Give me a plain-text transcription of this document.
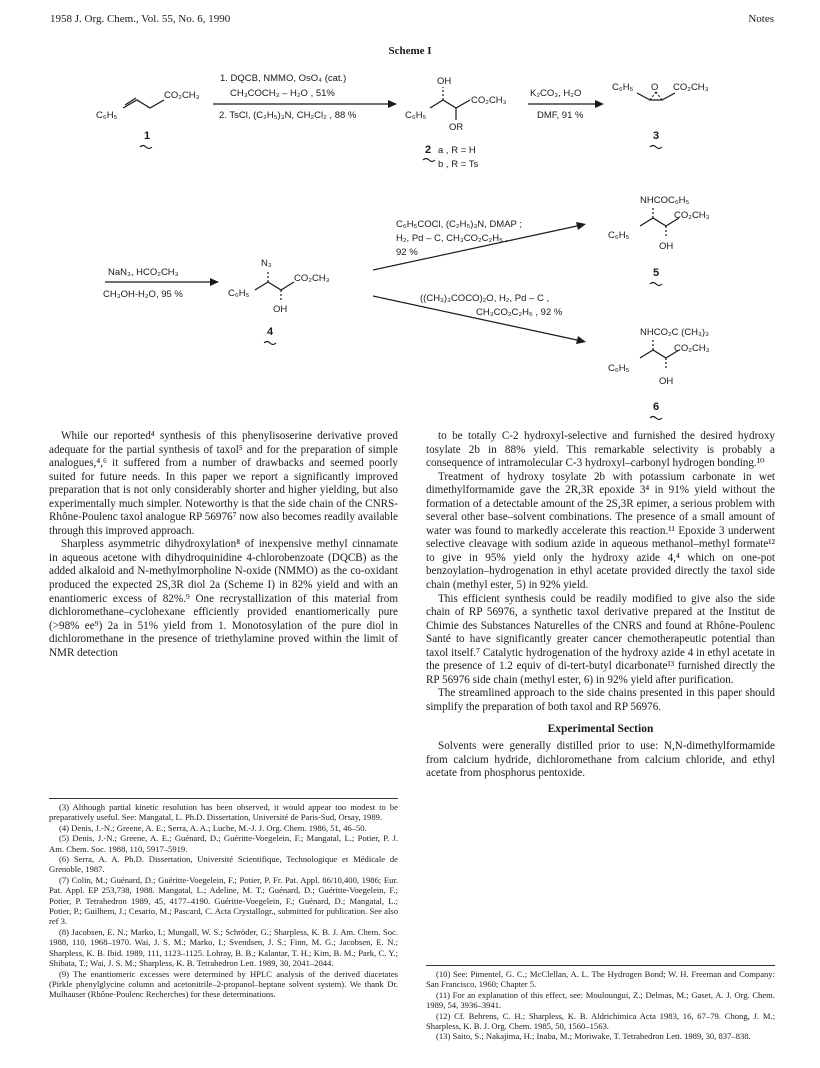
1958 J. Org. Chem., Vol. 55, No. 6, 1990	Notes
Scheme I
1. DQCB, NMMO, OsO₄ (cat.)
CH₃COCH₃ – H₂O , 51%
2. TsCl, (C₂H₅)₃N, CH₂Cl₂ , 88 %
K₂CO₃, H₂O
DMF, 91 %
NaN₃, HCO₂CH₃
CH₃OH-H₂O, 95 %
C₆H₅COCl, (C₂H₅)₃N, DMAP ;
H₂, Pd – C, CH₃CO₂C₂H₅ ,
92 %
((CH₃)₃COCO)₂O, H₂, Pd – C ,
CH₃CO₂C₂H₅ , 92 %
CO₂CH₃
C₆H₅
1
OH
CO₂CH₃
C₆H₅
OR
2 a , R = H
b , R = Ts
C₆H₅ O CO₂CH₃
3
N₃
CO₂CH₃
C₆H₅
OH
4
NHCOC₆H₅
CO₂CH₃
C₆H₅
OH
5
NHCO₂C (CH₃)₃
CO₂CH₃
C₆H₅
OH
6

While our reported⁴ synthesis of this phenylisoserine derivative proved adequate for the partial synthesis of taxol⁵ and for the preparation of simple analogues,⁴,⁶ it suffered from a number of drawbacks and seemed poorly suited for future needs. In this paper we report a significantly improved preparation that is not only considerably shorter and higher yielding, but also experimentally much simpler. Noteworthy is that the side chain of the CNRS-Rhône-Poulenc taxol analogue RP 56976⁷ now also becomes readily available through this improved approach.

Sharpless asymmetric dihydroxylation⁸ of inexpensive methyl cinnamate in aqueous acetone with dihydroquinidine 4-chlorobenzoate (DQCB) as the added alkaloid and N-methylmorpholine N-oxide (NMMO) as the co-oxidant produced the expected 2S,3R diol 2a (Scheme I) in 82% yield and with an enantiomeric excess of 82%.⁹ One recrystallization of this material from dichloromethane–cyclohexane efficiently provided enantiomerically pure (>98% ee⁹) 2a in 51% yield from 1. Monotosylation of the pure diol in dichloromethane in the presence of triethylamine proved within the limit of NMR detection

to be totally C-2 hydroxyl-selective and furnished the desired hydroxy tosylate 2b in 88% yield. This remarkable selectivity is probably a consequence of intramolecular C-3 hydroxyl–carbonyl hydrogen bonding.¹⁰

Treatment of hydroxy tosylate 2b with potassium carbonate in wet dimethylformamide gave the 2R,3R epoxide 3⁴ in 91% yield without the formation of a detectable amount of the 2S,3R epimer, a serious problem with several other base–solvent combinations. The presence of a small amount of water was found to markedly accelerate this reaction.¹¹ Epoxide 3 underwent selective cleavage with sodium azide in aqueous methanol–methyl formate¹² to give in 95% yield only the hydroxy azide 4,⁴ which on one-pot benzoylation–hydrogenation in ethyl acetate provided directly the taxol side chain (methyl ester, 5) in 92% yield.

This efficient synthesis could be readily modified to give also the side chain of RP 56976, a synthetic taxol derivative prepared at the Institut de Chimie des Substances Naturelles of the CNRS and found at Rhône-Poulenc Santé to have significantly greater cancer chemotherapeutic potential than taxol itself.⁷ Catalytic hydrogenation of the hydroxy azide 4 in ethyl acetate in the presence of 1.2 equiv of di-tert-butyl dicarbonate¹³ furnished directly the RP 56976 side chain (methyl ester, 6) in 92% yield after purification.

The streamlined approach to the side chains presented in this paper should simplify the preparation of both taxol and RP 56976.

Experimental Section

Solvents were generally distilled prior to use: N,N-dimethylformamide from calcium hydride, dichloromethane from calcium chloride, and ethyl acetate from phosphorus pentoxide.

(3) Although partial kinetic resolution has been observed, it would appear too modest to be preparatively useful. See: Mangatal, L. Ph.D. Dissertation, Université de Paris-Sud, Orsay, 1989.

(4) Denis, J.-N.; Greene, A. E.; Serra, A. A.; Luche, M.-J. J. Org. Chem. 1986, 51, 46–50.

(5) Denis, J.-N.; Greene, A. E.; Guénard, D.; Guéritte-Voegelein, F.; Mangatal, L.; Potier, P. J. Am. Chem. Soc. 1988, 110, 5917–5919.

(6) Serra, A. A. Ph.D. Dissertation, Université Scientifique, Technologique et Médicale de Grenoble, 1987.

(7) Colin, M.; Guénard, D.; Guéritte-Voegelein, F.; Potier, P. Fr. Pat. Appl. 86/10,400, 1986; Eur. Pat. Appl. EP 253,738, 1988. Mangatal, L.; Adeline, M. T.; Guénard, D.; Guéritte-Voegelein, F.; Potier, P. Tetrahedron 1989, 45, 4177–4190. Guéritte-Voegelein, F.; Guénard, D.; Mangatal, L.; Potier, P.; Guilhem, J.; Cesario, M.; Pascard, C. Acta Crystallogr., submitted for publication. See also ref 3.

(8) Jacobsen, E. N.; Marko, I.; Mungall, W. S.; Schröder, G.; Sharpless, K. B. J. Am. Chem. Soc. 1988, 110, 1968–1970. Wai, J. S. M.; Marko, I.; Svendsen, J. S.; Finn, M. G.; Jacobsen, E. N.; Sharpless, K. B. Ibid. 1989, 111, 1123–1125. Lohray, B. B.; Kalantar, T. H.; Kim, B. M.; Park, C. Y.; Shibata, T.; Wai, J. S. M.; Sharpless, K. B. Tetrahedron Lett. 1989, 30, 2041–2044.

(9) The enantiomeric excesses were determined by HPLC analysis of the derived diacetates (Pirkle phenylglycine column and acetonitrile–2-propanol–heptane solvent system). We thank Dr. Mulhauser (Rhône-Poulenc Recherches) for these determinations.

(10) See: Pimentel, G. C.; McClellan, A. L. The Hydrogen Bond; W. H. Freeman and Company: San Francisco, 1960; Chapter 5.

(11) For an explanation of this effect, see: Mouloungui, Z.; Delmas, M.; Gaset, A. J. Org. Chem. 1989, 54, 3936–3941.

(12) Cf. Behrens, C. H.; Sharpless, K. B. Aldrichimica Acta 1983, 16, 67–79. Chong, J. M.; Sharpless, K. B. J. Org. Chem. 1985, 50, 1560–1563.

(13) Saito, S.; Nakajima, H.; Inaba, M.; Moriwake, T. Tetrahedron Lett. 1989, 30, 837–838.
